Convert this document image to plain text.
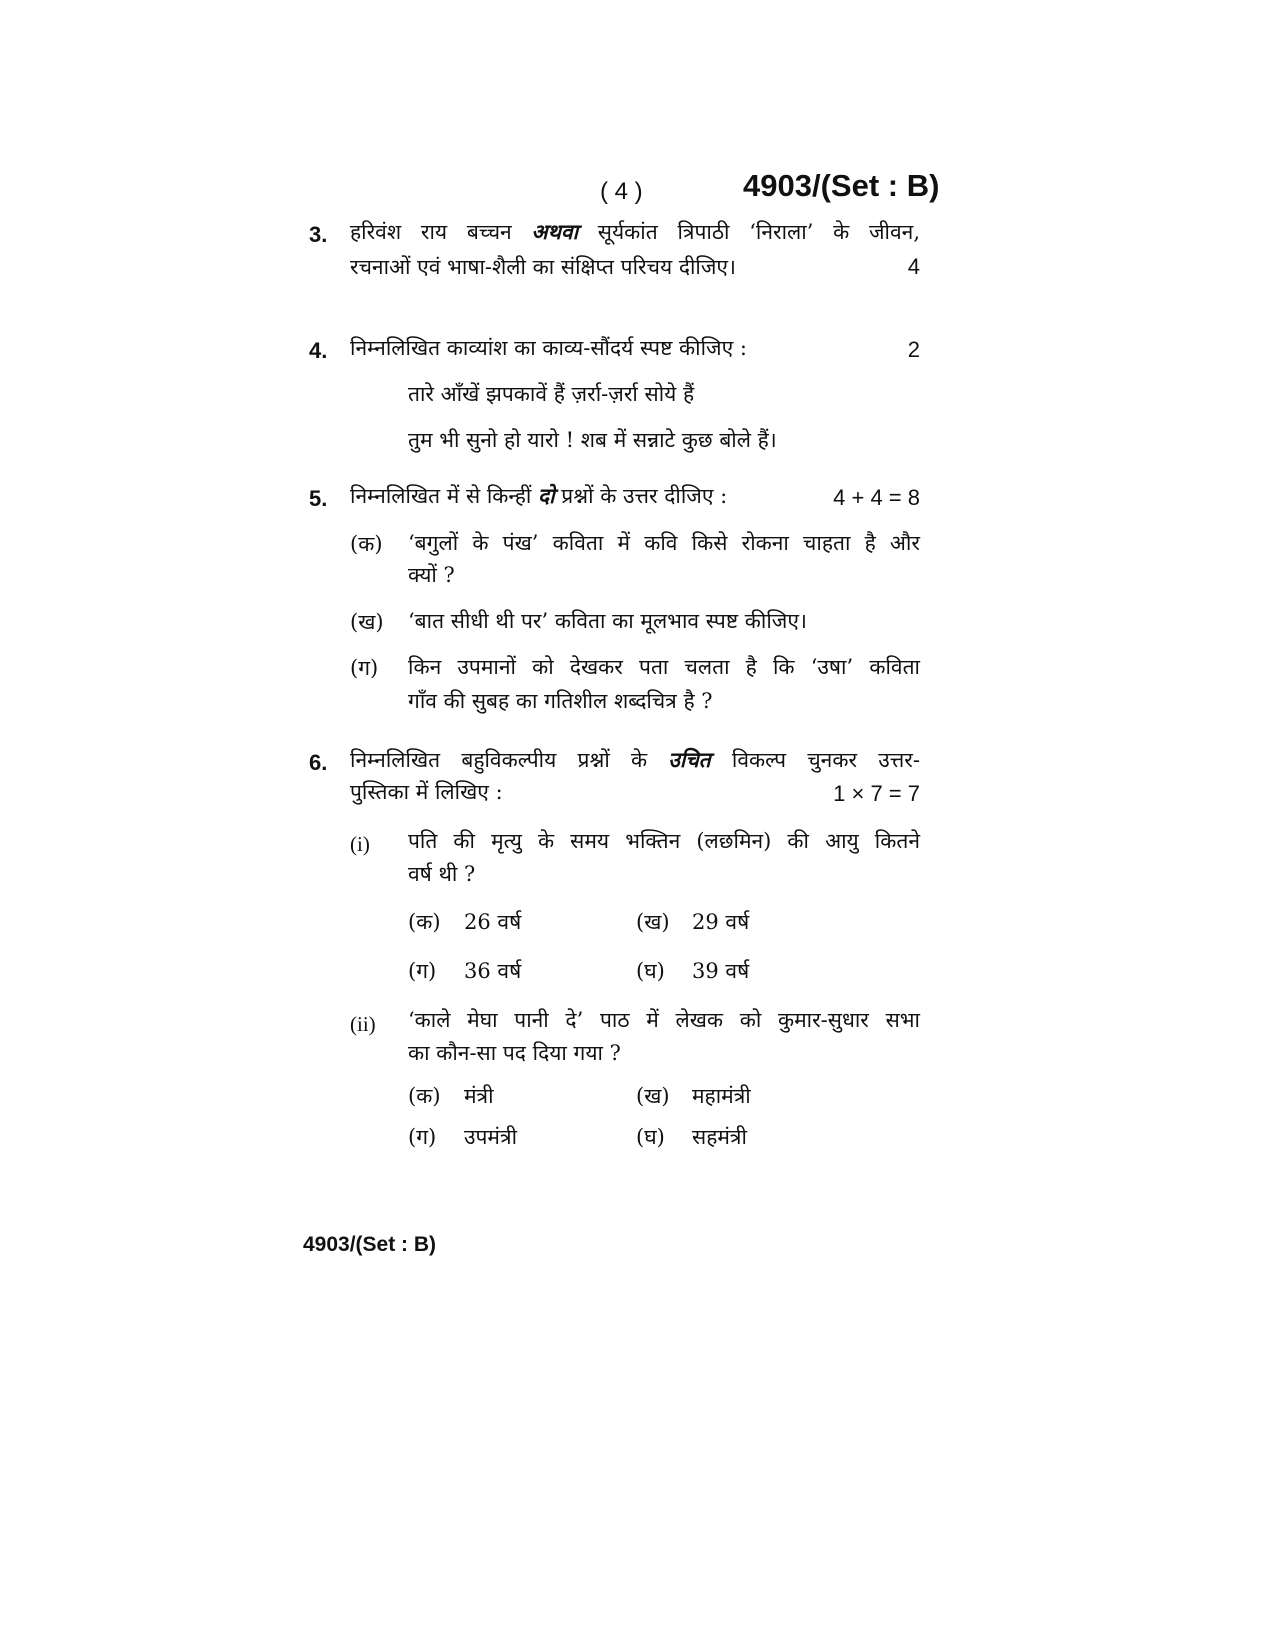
( 4 )	4903/(Set : B)
3. हरिवंश राय बच्चन अथवा सूर्यकांत त्रिपाठी ‘निराला’ के जीवन,
रचनाओं एवं भाषा-शैली का संक्षिप्त परिचय दीजिए।	4
4. निम्नलिखित काव्यांश का काव्य-सौंदर्य स्पष्ट कीजिए :	2
तारे आँखें झपकावें हैं ज़र्रा-ज़र्रा सोये हैं
तुम भी सुनो हो यारो ! शब में सन्नाटे कुछ बोले हैं।
5. निम्नलिखित में से किन्हीं दो प्रश्नों के उत्तर दीजिए :	4 + 4 = 8
(क) ‘बगुलों के पंख’ कविता में कवि किसे रोकना चाहता है और
क्यों ?
(ख) ‘बात सीधी थी पर’ कविता का मूलभाव स्पष्ट कीजिए।
(ग) किन उपमानों को देखकर पता चलता है कि ‘उषा’ कविता
गाँव की सुबह का गतिशील शब्दचित्र है ?
6. निम्नलिखित बहुविकल्पीय प्रश्नों के उचित विकल्प चुनकर उत्तर-
पुस्तिका में लिखिए :	1 × 7 = 7
(i) पति की मृत्यु के समय भक्तिन (लछमिन) की आयु कितने
वर्ष थी ?
(क) 26 वर्ष	(ख) 29 वर्ष
(ग) 36 वर्ष	(घ) 39 वर्ष
(ii) ‘काले मेघा पानी दे’ पाठ में लेखक को कुमार-सुधार सभा
का कौन-सा पद दिया गया ?
(क) मंत्री	(ख) महामंत्री
(ग) उपमंत्री	(घ) सहमंत्री
4903/(Set : B)
